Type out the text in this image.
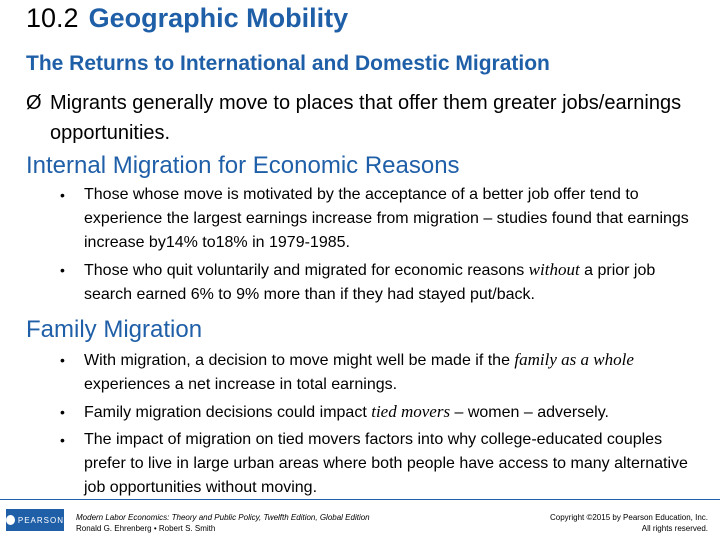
10.2 Geographic Mobility
The Returns to International and Domestic Migration
Ø Migrants generally move to places that offer them greater jobs/earnings opportunities.
Internal Migration for Economic Reasons
• Those whose move is motivated by the acceptance of a better job offer tend to experience the largest earnings increase from migration – studies found that earnings increase by14% to18% in 1979-1985.
• Those who quit voluntarily and migrated for economic reasons without a prior job search earned 6% to 9% more than if they had stayed put/back.
Family Migration
• With migration, a decision to move might well be made if the family as a whole experiences a net increase in total earnings.
• Family migration decisions could impact tied movers – women – adversely.
• The impact of migration on tied movers factors into why college-educated couples prefer to live in large urban areas where both people have access to many alternative job opportunities without moving.
PEARSON Modern Labor Economics: Theory and Public Policy, Twelfth Edition, Global Edition
Ronald G. Ehrenberg • Robert S. Smith
Copyright ©2015 by Pearson Education, Inc.
All rights reserved.
